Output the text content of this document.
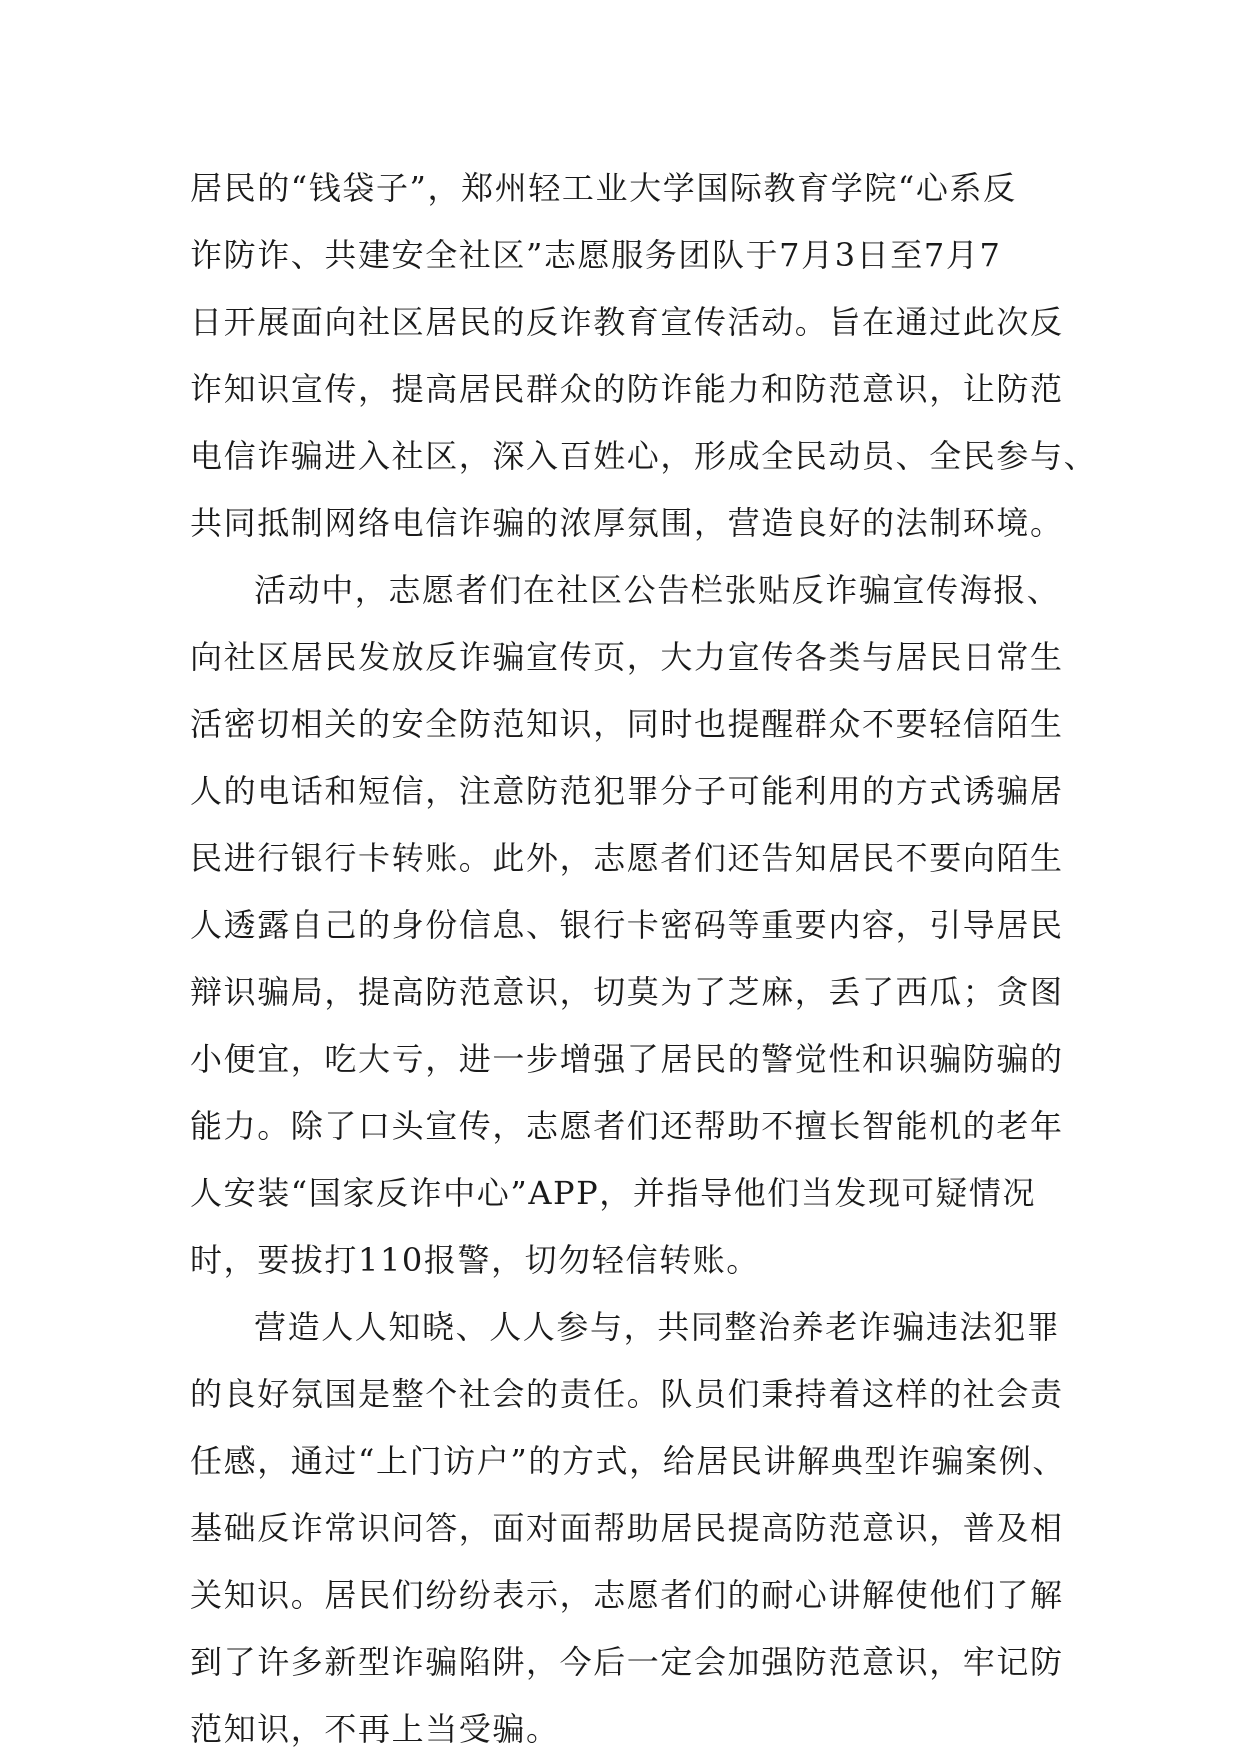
居民的“钱袋子”，郑州轻工业大学国际教育学院“心系反
诈防诈、共建安全社区”志愿服务团队于7月3日至7月7
日开展面向社区居民的反诈教育宣传活动。旨在通过此次反
诈知识宣传，提高居民群众的防诈能力和防范意识，让防范
电信诈骗进入社区，深入百姓心，形成全民动员、全民参与、
共同抵制网络电信诈骗的浓厚氛围，营造良好的法制环境。
活动中，志愿者们在社区公告栏张贴反诈骗宣传海报、
向社区居民发放反诈骗宣传页，大力宣传各类与居民日常生
活密切相关的安全防范知识，同时也提醒群众不要轻信陌生
人的电话和短信，注意防范犯罪分子可能利用的方式诱骗居
民进行银行卡转账。此外，志愿者们还告知居民不要向陌生
人透露自己的身份信息、银行卡密码等重要内容，引导居民
辩识骗局，提高防范意识，切莫为了芝麻，丢了西瓜；贪图
小便宜，吃大亏，进一步增强了居民的警觉性和识骗防骗的
能力。除了口头宣传，志愿者们还帮助不擅长智能机的老年
人安装“国家反诈中心”APP，并指导他们当发现可疑情况
时，要拔打110报警，切勿轻信转账。
营造人人知晓、人人参与，共同整治养老诈骗违法犯罪
的良好氛国是整个社会的责任。队员们秉持着这样的社会责
任感，通过“上门访户”的方式，给居民讲解典型诈骗案例、
基础反诈常识问答，面对面帮助居民提高防范意识，普及相
关知识。居民们纷纷表示，志愿者们的耐心讲解使他们了解
到了许多新型诈骗陷阱，今后一定会加强防范意识，牢记防
范知识，不再上当受骗。
